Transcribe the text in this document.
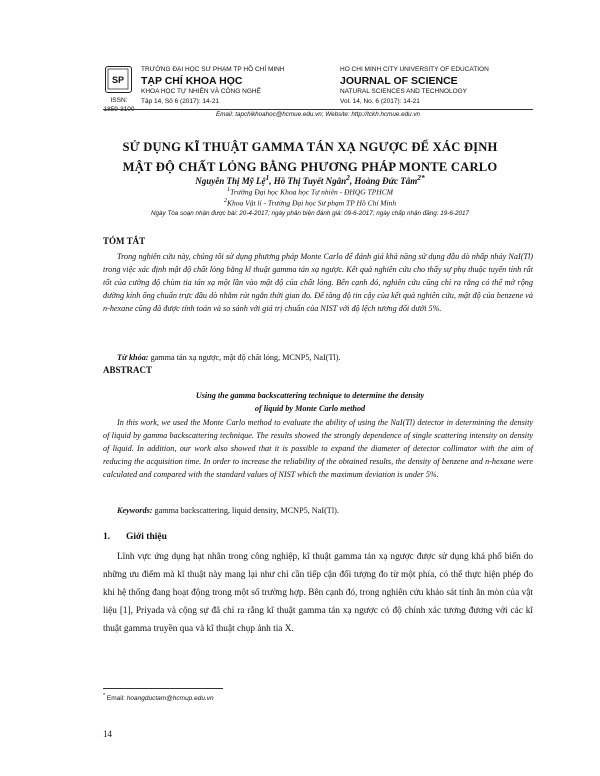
SP
ISSN:
TRƯỜNG ĐẠI HỌC SƯ PHẠM TP HỒ CHÍ MINH
TẠP CHÍ KHOA HỌC
KHOA HỌC TỰ NHIÊN VÀ CÔNG NGHỆ
Tập 14, Số 6 (2017): 14-21
HO CHI MINH CITY UNIVERSITY OF EDUCATION
JOURNAL OF SCIENCE
NATURAL SCIENCES AND TECHNOLOGY
Vol. 14, No. 6 (2017): 14-21
Email: tapchikhoahoc@hcmue.edu.vn; Website: http://tckh.hcmue.edu.vn
SỬ DỤNG KĨ THUẬT GAMMA TÁN XẠ NGƯỢC ĐỂ XÁC ĐỊNH
MẬT ĐỘ CHẤT LỎNG BẰNG PHƯƠNG PHÁP MONTE CARLO
Nguyễn Thị Mỹ Lệ$^1$, Hồ Thị Tuyết Ngân$^2$, Hoàng Đức Tâm$^{2*}$
$^1$Trường Đại học Khoa học Tự nhiên - ĐHQG TPHCM
$^2$Khoa Vật lí - Trường Đại học Sư phạm TP Hồ Chí Minh
Ngày Tòa soạn nhận được bài: 20-4-2017; ngày phản biện đánh giá: 09-6-2017; ngày chấp nhận đăng: 19-6-2017
TÓM TẮT
Trong nghiên cứu này, chúng tôi sử dụng phương pháp Monte Carlo để đánh giá khả năng sử dụng đầu dò nhấp nháy NaI(Tl) trong việc xác định mật độ chất lỏng bằng kĩ thuật gamma tán xạ ngược. Kết quả nghiên cứu cho thấy sự phụ thuộc tuyến tính rất tốt của cường độ chùm tia tán xạ một lần vào mật độ của chất lỏng. Bên cạnh đó, nghiên cứu cũng chỉ ra rằng có thể mở rộng đường kính ống chuẩn trực đầu dò nhằm rút ngắn thời gian đo. Để tăng độ tin cậy của kết quả nghiên cứu, mật độ của benzene và n-hexane cũng đã được tính toán và so sánh với giá trị chuẩn của NIST với độ lệch tương đối dưới 5%.
Từ khóa: gamma tán xạ ngược, mật độ chất lỏng, MCNP5, NaI(Tl).
ABSTRACT
Using the gamma backscattering technique to determine the density
of liquid by Monte Carlo method
In this work, we used the Monte Carlo method to evaluate the ability of using the NaI(Tl) detector in determining the density of liquid by gamma backscattering technique. The results showed the strongly dependence of single scattering intensity on density of liquid. In addition, our work also showed that it is possible to expand the diameter of detector collimator with the aim of reducing the acquisition time. In order to increase the reliability of the obtained results, the density of benzene and n-hexane were calculated and compared with the standard values of NIST which the maximum deviation is under 5%.
Keywords: gamma backscattering, liquid density, MCNP5, NaI(Tl).
1. Giới thiệu
Lĩnh vực ứng dụng hạt nhân trong công nghiệp, kĩ thuật gamma tán xạ ngược được sử dụng khá phổ biến do những ưu điểm mà kĩ thuật này mang lại như chỉ cần tiếp cận đối tượng đo từ một phía, có thể thực hiện phép đo khi hệ thống đang hoạt động trong một số trường hợp. Bên cạnh đó, trong nghiên cứu khảo sát tính ăn mòn của vật liệu [1], Priyada và cộng sự đã chỉ ra rằng kĩ thuật gamma tán xạ ngược có độ chính xác tương đương với các kĩ thuật gamma truyền qua và kĩ thuật chụp ảnh tia X.
* Email: hoangductam@hcmup.edu.vn
14
